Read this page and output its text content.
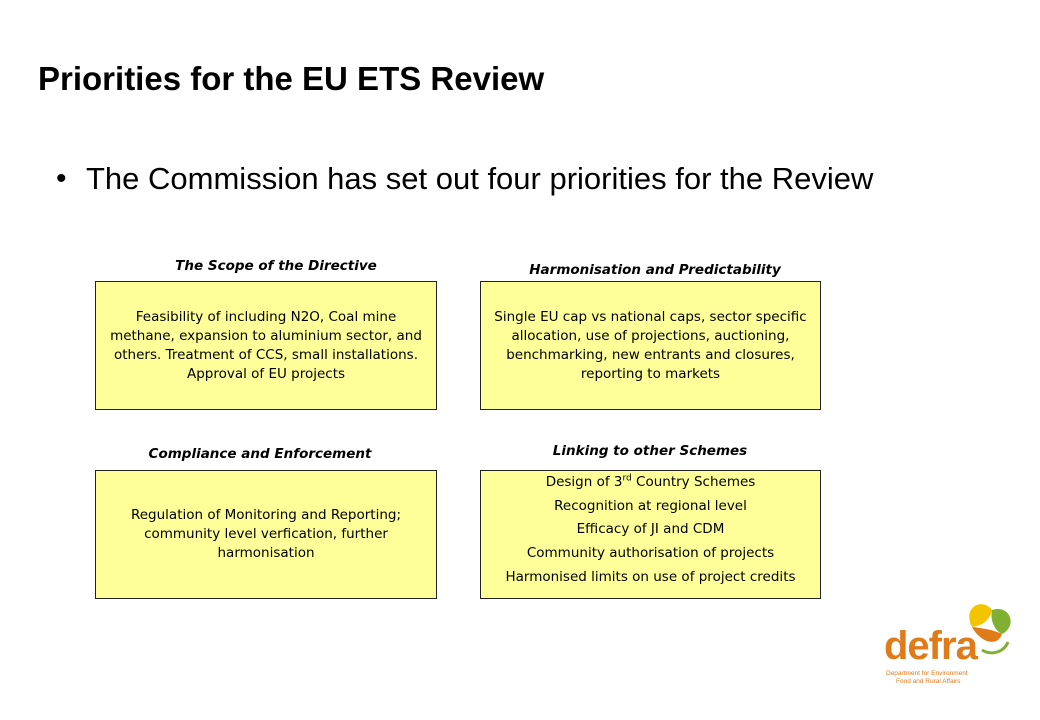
Priorities for the EU ETS Review
• The Commission has set out four priorities for the Review
The Scope of the Directive
Feasibility of including N2O, Coal mine methane, expansion to aluminium sector, and others. Treatment of CCS, small installations. Approval of EU projects
Harmonisation and Predictability
Single EU cap vs national caps, sector specific allocation, use of projections, auctioning, benchmarking, new entrants and closures, reporting to markets
Compliance and Enforcement
Regulation of Monitoring and Reporting; community level verfication, further harmonisation
Linking to other Schemes
Design of 3rd Country Schemes
Recognition at regional level
Efficacy of JI and CDM
Community authorisation of projects
Harmonised limits on use of project credits
defra
Department for Environment
Food and Rural Affairs
